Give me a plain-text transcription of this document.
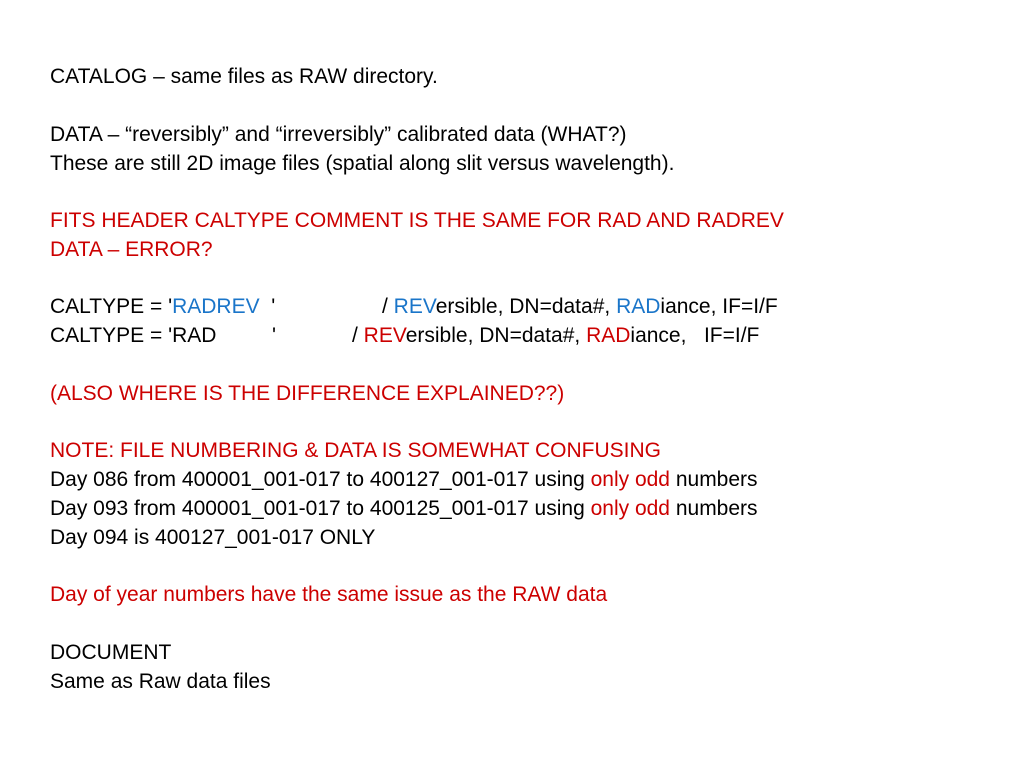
CATALOG – same files as RAW directory.
DATA – “reversibly” and “irreversibly” calibrated data (WHAT?)
These are still 2D image files (spatial along slit versus wavelength).
FITS HEADER CALTYPE COMMENT IS THE SAME FOR RAD AND RADREV
DATA – ERROR?
CALTYPE = 'RADREV  '	/ REVersible, DN=data#, RADiance, IF=I/F
CALTYPE = 'RAD	'	/ REVersible, DN=data#, RADiance,   IF=I/F
(ALSO WHERE IS THE DIFFERENCE EXPLAINED??)
NOTE: FILE NUMBERING & DATA IS SOMEWHAT CONFUSING
Day 086 from 400001_001-017 to 400127_001-017 using only odd numbers
Day 093 from 400001_001-017 to 400125_001-017 using only odd numbers
Day 094 is 400127_001-017 ONLY
Day of year numbers have the same issue as the RAW data
DOCUMENT
Same as Raw data files
